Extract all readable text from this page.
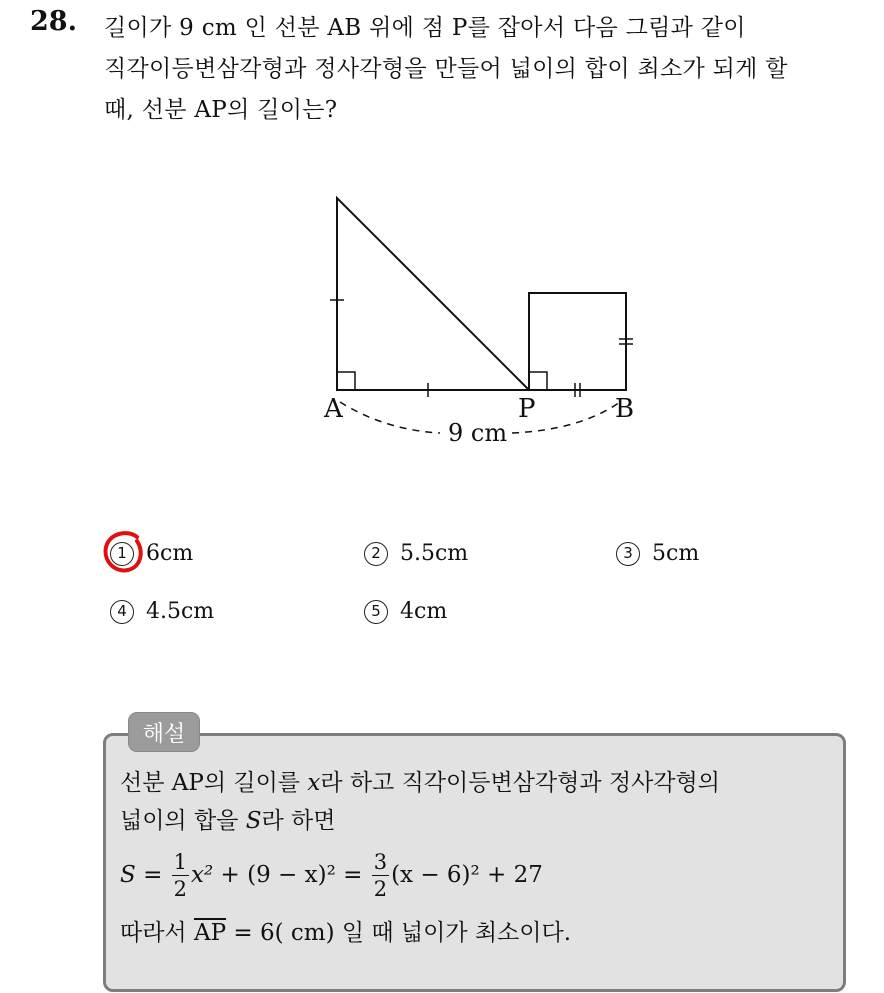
28. 길이가 9 cm 인 선분 AB 위에 점 P를 잡아서 다음 그림과 같이
직각이등변삼각형과 정사각형을 만들어 넓이의 합이 최소가 되게 할
때, 선분 AP의 길이는?
A	P	B
9 cm
1 6cm	2 5.5cm	3 5cm
4 4.5cm	5 4cm
해설
선분 AP의 길이를 x라 하고 직각이등변삼각형과 정사각형의
넓이의 합을 S라 하면
$S = \frac{1}{2} x^2 + (9 - x)^2 = \frac{3}{2} (x - 6)^2 + 27$
따라서 $\overline{AP} = 6$( cm) 일 때 넓이가 최소이다.
